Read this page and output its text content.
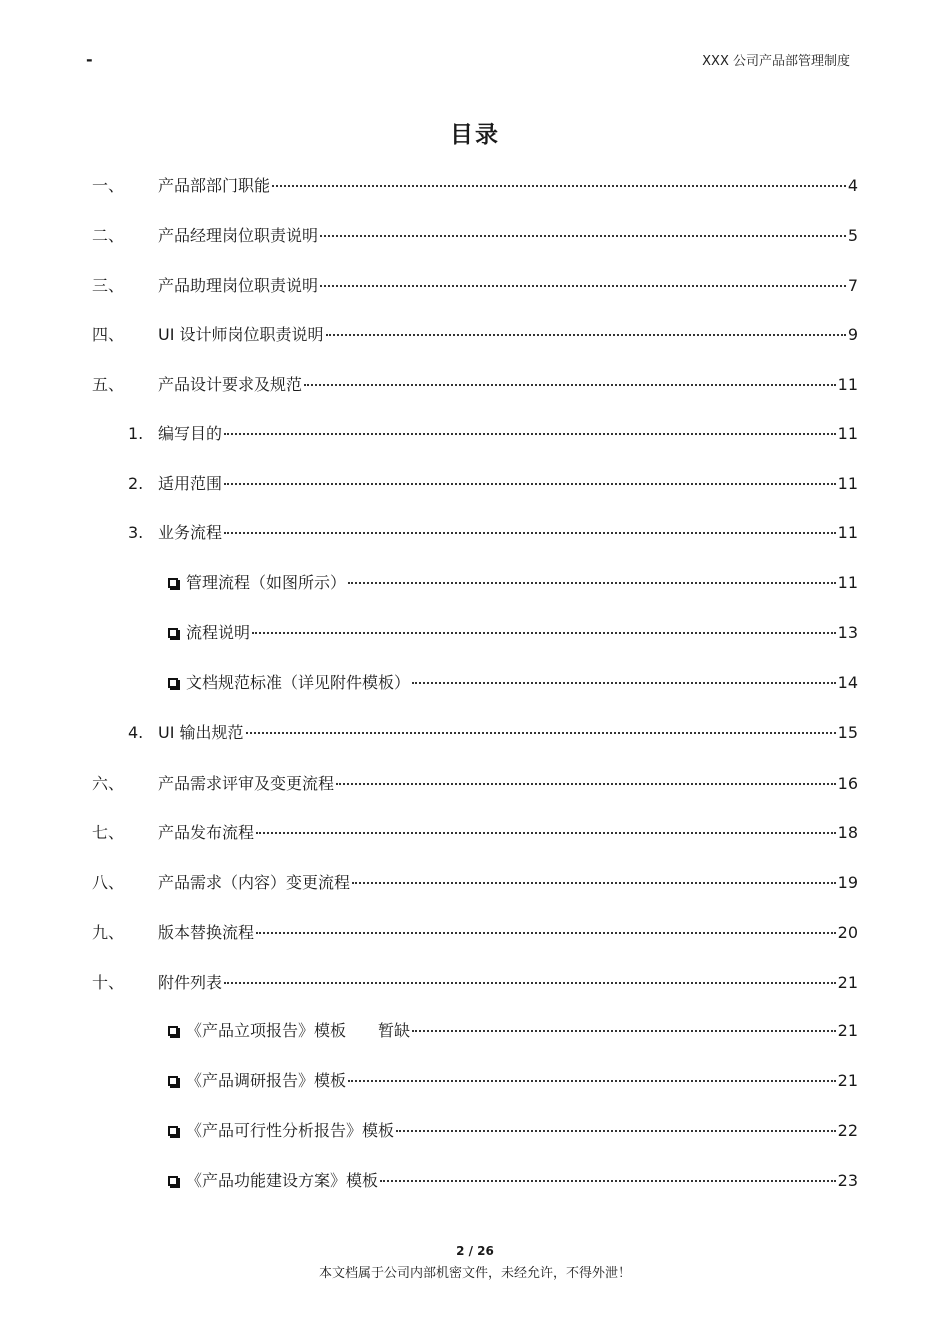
-	XXX 公司产品部管理制度
目录
一、 产品部部门职能	4
二、 产品经理岗位职责说明	5
三、 产品助理岗位职责说明	7
四、 UI 设计师岗位职责说明	9
五、 产品设计要求及规范	11
1. 编写目的	11
2. 适用范围	11
3. 业务流程	11
管理流程（如图所示）	11
流程说明	13
文档规范标准（详见附件模板）	14
4. UI 输出规范	15
六、 产品需求评审及变更流程	16
七、 产品发布流程	18
八、 产品需求（内容）变更流程	19
九、 版本替换流程	20
十、 附件列表	21
《产品立项报告》模板　　暂缺	21
《产品调研报告》模板	21
《产品可行性分析报告》模板	22
《产品功能建设方案》模板	23
2 / 26
本文档属于公司内部机密文件，未经允许，不得外泄！
